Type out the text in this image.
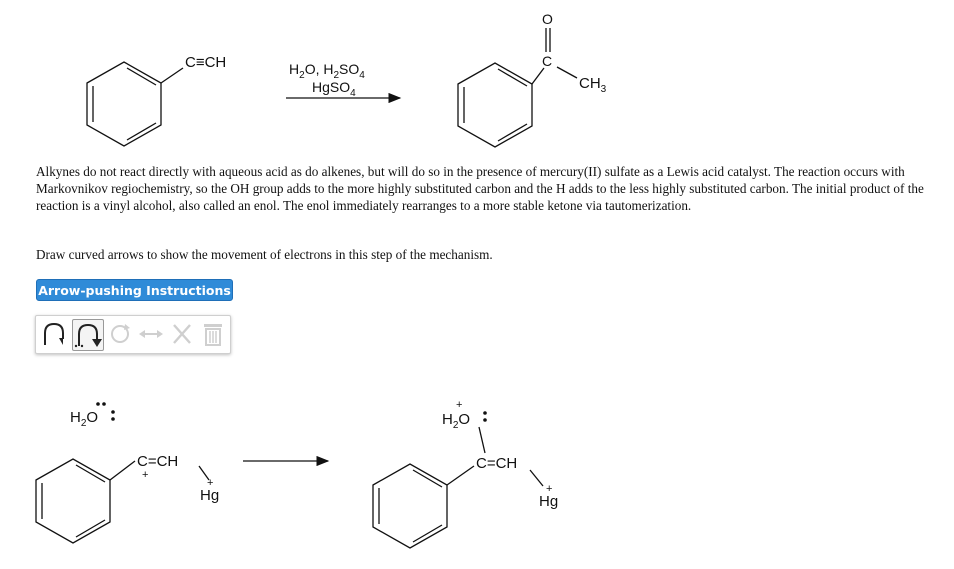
C≡CH	$H_2O$, $H_2SO_4$
HgSO$_4$
O
C
$CH_3$
$H_2O$
C=CH
+
Hg
+
+
$H_2O$
C=CH
Hg
+

Alkynes do not react directly with aqueous acid as do alkenes, but will do so in the presence of mercury(II) sulfate as a Lewis acid catalyst. The reaction occurs with Markovnikov regiochemistry, so the OH group adds to the more highly substituted carbon and the H adds to the less highly substituted carbon. The initial product of the reaction is a vinyl alcohol, also called an enol. The enol immediately rearranges to a more stable ketone via tautomerization.

Draw curved arrows to show the movement of electrons in this step of the mechanism.

Arrow-pushing Instructions
